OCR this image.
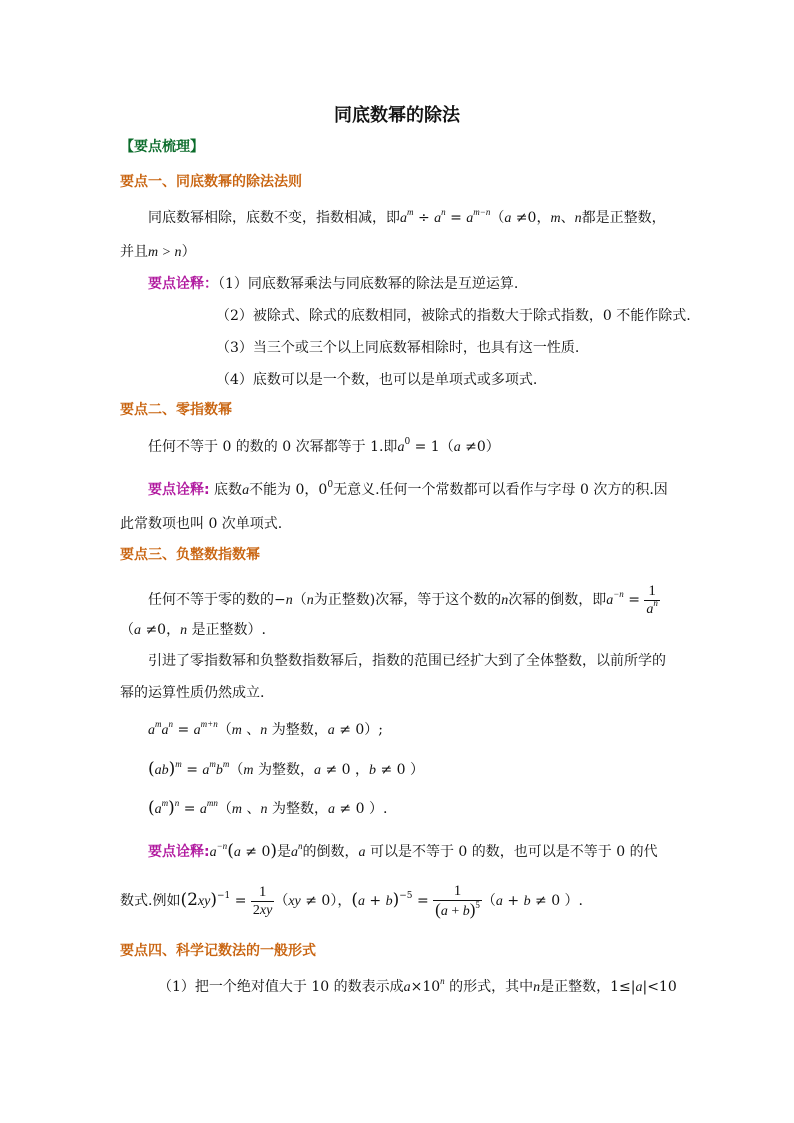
同底数幂的除法
【要点梳理】
要点一、同底数幂的除法法则
同底数幂相除，底数不变，指数相减，即$a^m \div a^n = a^{m-n}(a \ne 0$，m、n都是正整数，
并且m > n）
要点诠释：（1）同底数幂乘法与同底数幂的除法是互逆运算.
（2）被除式、除式的底数相同，被除式的指数大于除式指数，0 不能作除式.
（3）当三个或三个以上同底数幂相除时，也具有这一性质.
（4）底数可以是一个数，也可以是单项式或多项式.
要点二、零指数幂
任何不等于 0 的数的 0 次幂都等于 1.即$a^0 = 1(a \ne 0)$
要点诠释: 底数a不能为 0，$0^0$无意义.任何一个常数都可以看作与字母 0 次方的积.因
此常数项也叫 0 次单项式.
要点三、负整数指数幂
任何不等于零的数的−n（n为正整数)次幂，等于这个数的n次幂的倒数，即$a^{-n} = \frac{1}{a^n}$
（a ≠0，n 是正整数）.
引进了零指数幂和负整数指数幂后，指数的范围已经扩大到了全体整数，以前所学的
幂的运算性质仍然成立.
$a^ma^n = a^{m+n}(m$ 、n 为整数，a ≠ 0）;
$(ab)^m = a^mb^m(m$ 为整数，a ≠ 0 ，b ≠ 0 ）
$(a^m)^n = a^{mn}(m$ 、n 为整数，a ≠ 0 ）.
要点诠释$:a^{-n}(a \ne 0)$是$a^n$的倒数，a 可以是不等于 0 的数，也可以是不等于 0 的代
数式.例如$(2xy)^{-1} = \frac{1}{2xy} (xy \ne 0)$，$(a + b)^{-5} = \frac{1}{(a + b)^5} (a + b \ne 0$ ）.
要点四、科学记数法的一般形式
（1）把一个绝对值大于 10 的数表示成$a\times 10^n$ 的形式，其中n是正整数，1≤|a|<10
